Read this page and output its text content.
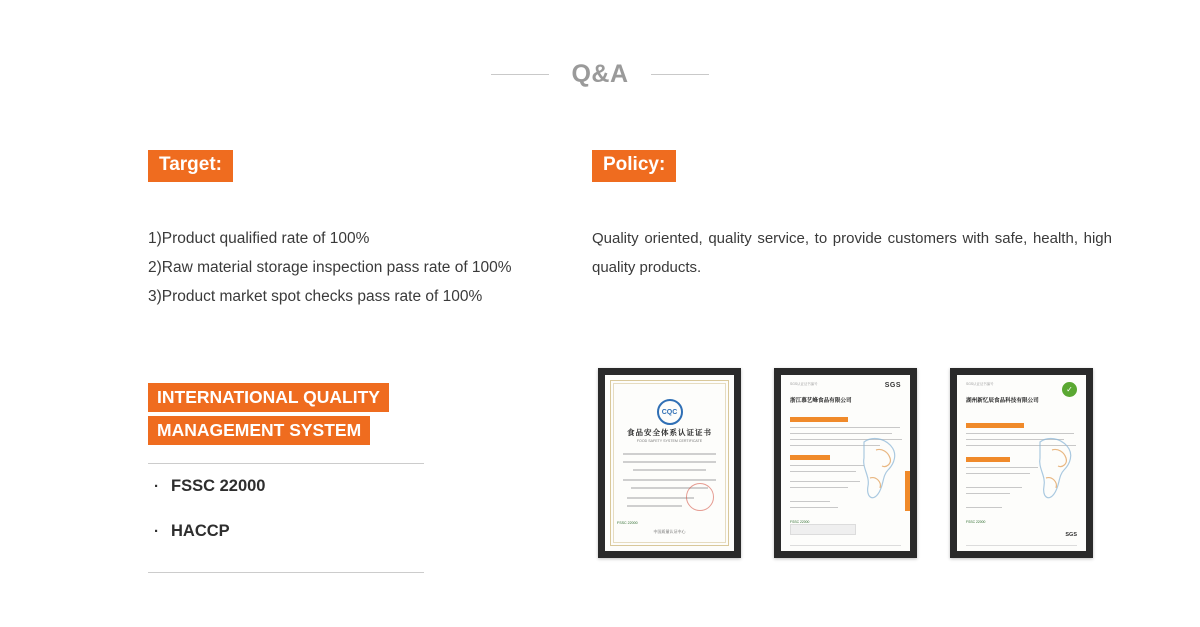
Q&A
Target:

1)Product qualified rate of 100%

2)Raw material storage inspection pass rate of 100%

3)Product market spot checks pass rate of 100%

INTERNATIONAL QUALITY
MANAGEMENT SYSTEM
· FSSC 22000
· HACCP
Policy:

Quality oriented, quality service, to provide customers with safe, health, high quality products.

CQC
食品安全体系认证证书
FOOD SAFETY SYSTEM CERTIFICATE
FSSC 22000
中国质量认证中心
SGS认证证书编号	SGS
浙江慕艺峰食品有限公司
FSSC 22000
SGS认证证书编号
✓
湖州新忆辰食品科技有限公司
FSSC 22000
SGS
